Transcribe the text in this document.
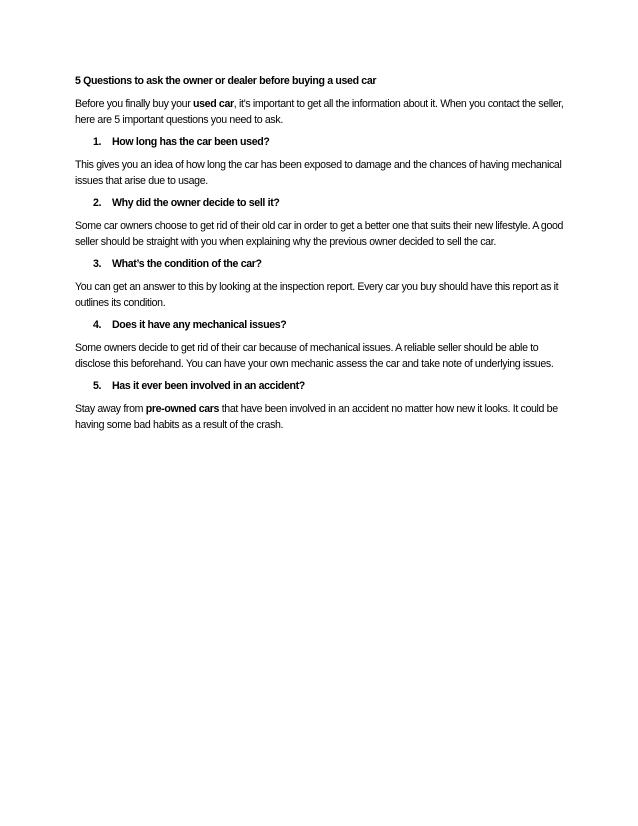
5 Questions to ask the owner or dealer before buying a used car

Before you finally buy your used car, it’s important to get all the information about it. When you contact the seller, here are 5 important questions you need to ask.

1.	How long has the car been used?

This gives you an idea of how long the car has been exposed to damage and the chances of having mechanical issues that arise due to usage.

2.	Why did the owner decide to sell it?

Some car owners choose to get rid of their old car in order to get a better one that suits their new lifestyle. A good seller should be straight with you when explaining why the previous owner decided to sell the car.

3.	What’s the condition of the car?

You can get an answer to this by looking at the inspection report. Every car you buy should have this report as it outlines its condition.

4.	Does it have any mechanical issues?

Some owners decide to get rid of their car because of mechanical issues. A reliable seller should be able to disclose this beforehand. You can have your own mechanic assess the car and take note of underlying issues.

5.	Has it ever been involved in an accident?

Stay away from pre-owned cars that have been involved in an accident no matter how new it looks. It could be having some bad habits as a result of the crash.
